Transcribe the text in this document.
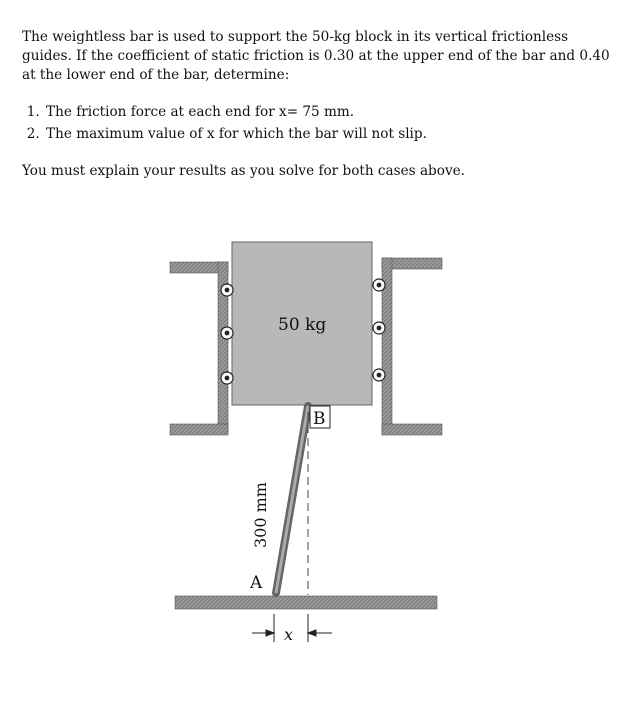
The weightless bar is used to support the 50-kg block in its vertical frictionless guides. If the coefficient of static friction is 0.30 at the upper end of the bar and 0.40 at the lower end of the bar, determine:

1. The friction force at each end for x= 75 mm.
2. The maximum value of x for which the bar will not slip.

You must explain your results as you solve for both cases above.

50 kg
B
A
300 mm
x
